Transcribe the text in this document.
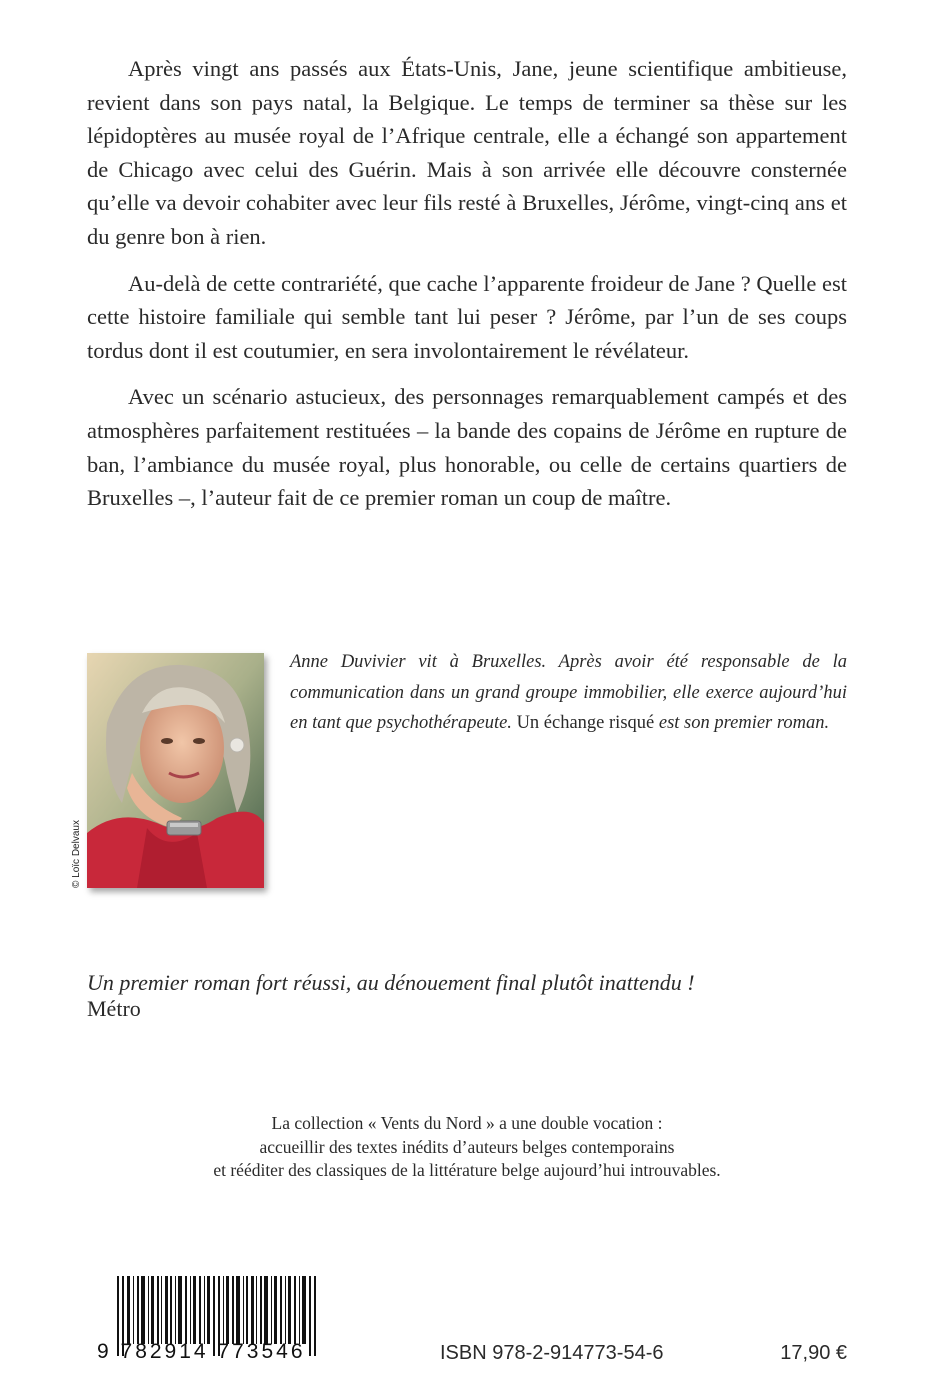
Après vingt ans passés aux États-Unis, Jane, jeune scientifique ambitieuse, revient dans son pays natal, la Belgique. Le temps de terminer sa thèse sur les lépidoptères au musée royal de l’Afrique centrale, elle a échangé son appartement de Chicago avec celui des Guérin. Mais à son arrivée elle découvre consternée qu’elle va devoir cohabiter avec leur fils resté à Bruxelles, Jérôme, vingt-cinq ans et du genre bon à rien.

Au-delà de cette contrariété, que cache l’apparente froideur de Jane ? Quelle est cette histoire familiale qui semble tant lui peser ? Jérôme, par l’un de ses coups tordus dont il est coutumier, en sera involontairement le révélateur.

Avec un scénario astucieux, des personnages remarquablement campés et des atmosphères parfaitement restituées – la bande des copains de Jérôme en rupture de ban, l’ambiance du musée royal, plus honorable, ou celle de certains quartiers de Bruxelles –, l’auteur fait de ce premier roman un coup de maître.

© Loïc Delvaux

Anne Duvivier vit à Bruxelles. Après avoir été responsable de la communication dans un grand groupe immobilier, elle exerce aujourd’hui en tant que psychothérapeute. Un échange risqué est son premier roman.

Un premier roman fort réussi, au dénouement final plutôt inattendu !
Métro
La collection « Vents du Nord » a une double vocation :
accueillir des textes inédits d’auteurs belges contemporains
et rééditer des classiques de la littérature belge aujourd’hui introuvables.
9 782914 773546	ISBN 978-2-914773-54-6	17,90 €
